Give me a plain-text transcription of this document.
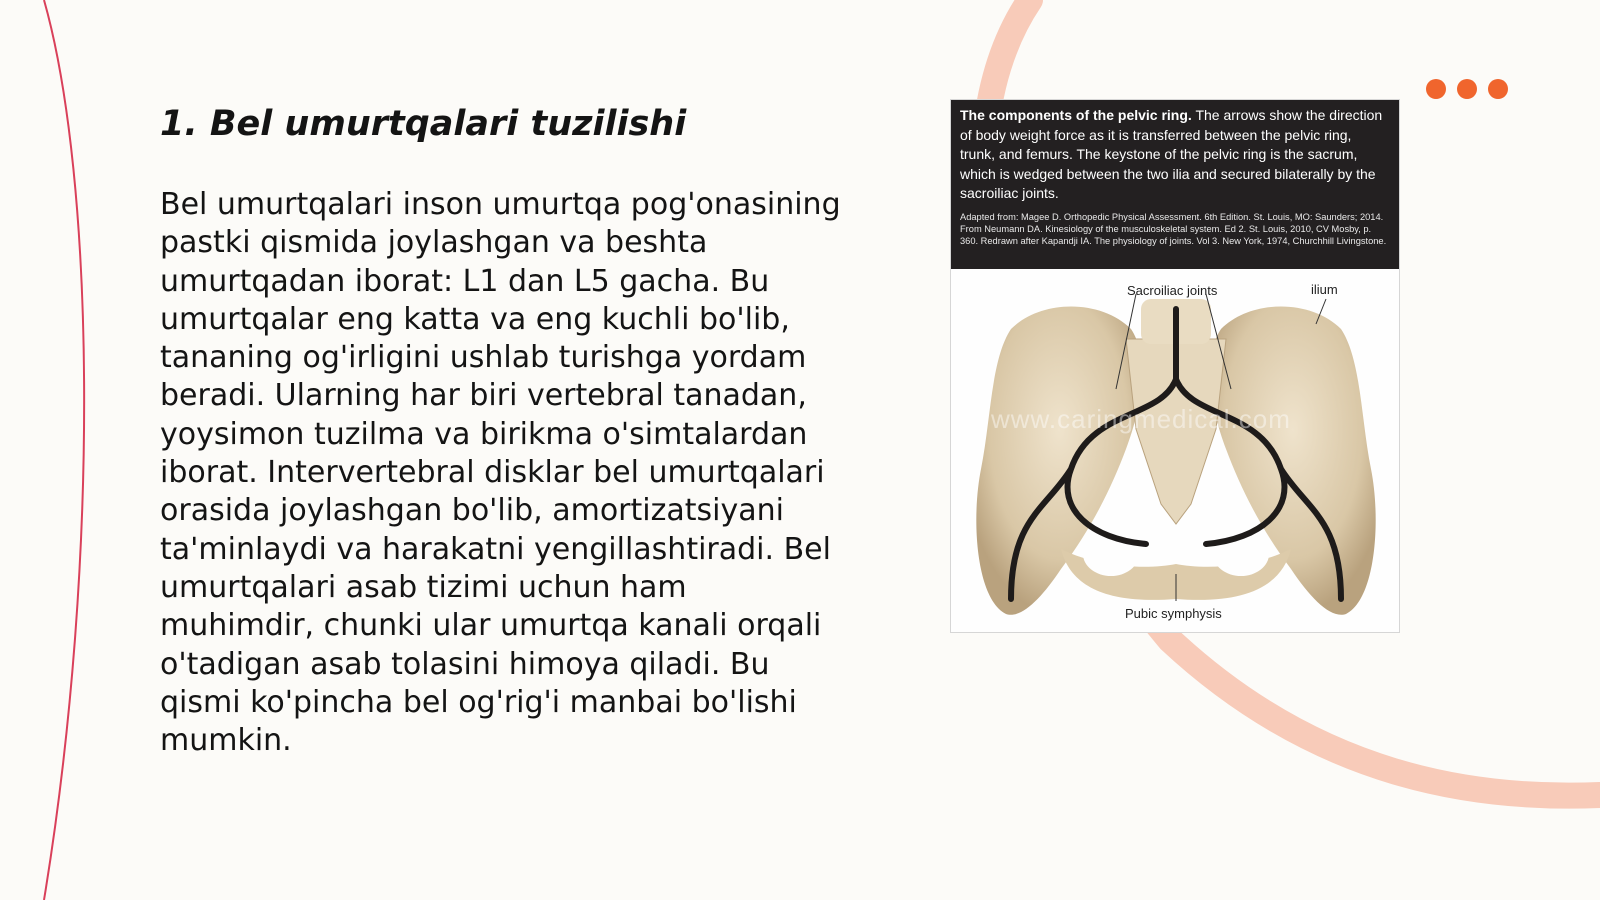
1. Bel umurtqalari tuzilishi

Bel umurtqalari inson umurtqa pog'onasining pastki qismida joylashgan va beshta umurtqadan iborat: L1 dan L5 gacha. Bu umurtqalar eng katta va eng kuchli bo'lib, tananing og'irligini ushlab turishga yordam beradi. Ularning har biri vertebral tanadan, yoysimon tuzilma va birikma o'simtalardan iborat. Intervertebral disklar bel umurtqalari orasida joylashgan bo'lib, amortizatsiyani ta'minlaydi va harakatni yengillashtiradi. Bel umurtqalari asab tizimi uchun ham muhimdir, chunki ular umurtqa kanali orqali o'tadigan asab tolasini himoya qiladi. Bu qismi ko'pincha bel og'rig'i manbai bo'lishi mumkin.

The components of the pelvic ring. The arrows show the direction of body weight force as it is transferred between the pelvic ring, trunk, and femurs. The keystone of the pelvic ring is the sacrum, which is wedged between the two ilia and secured bilaterally by the sacroiliac joints.
Adapted from: Magee D. Orthopedic Physical Assessment. 6th Edition. St. Louis, MO: Saunders; 2014. From Neumann DA. Kinesiology of the musculoskeletal system. Ed 2. St. Louis, 2010, CV Mosby, p. 360. Redrawn after Kapandji IA. The physiology of joints. Vol 3. New York, 1974, Churchhill Livingstone.
www.caringmedical.com
Sacroiliac joints	ilium
Pubic symphysis
